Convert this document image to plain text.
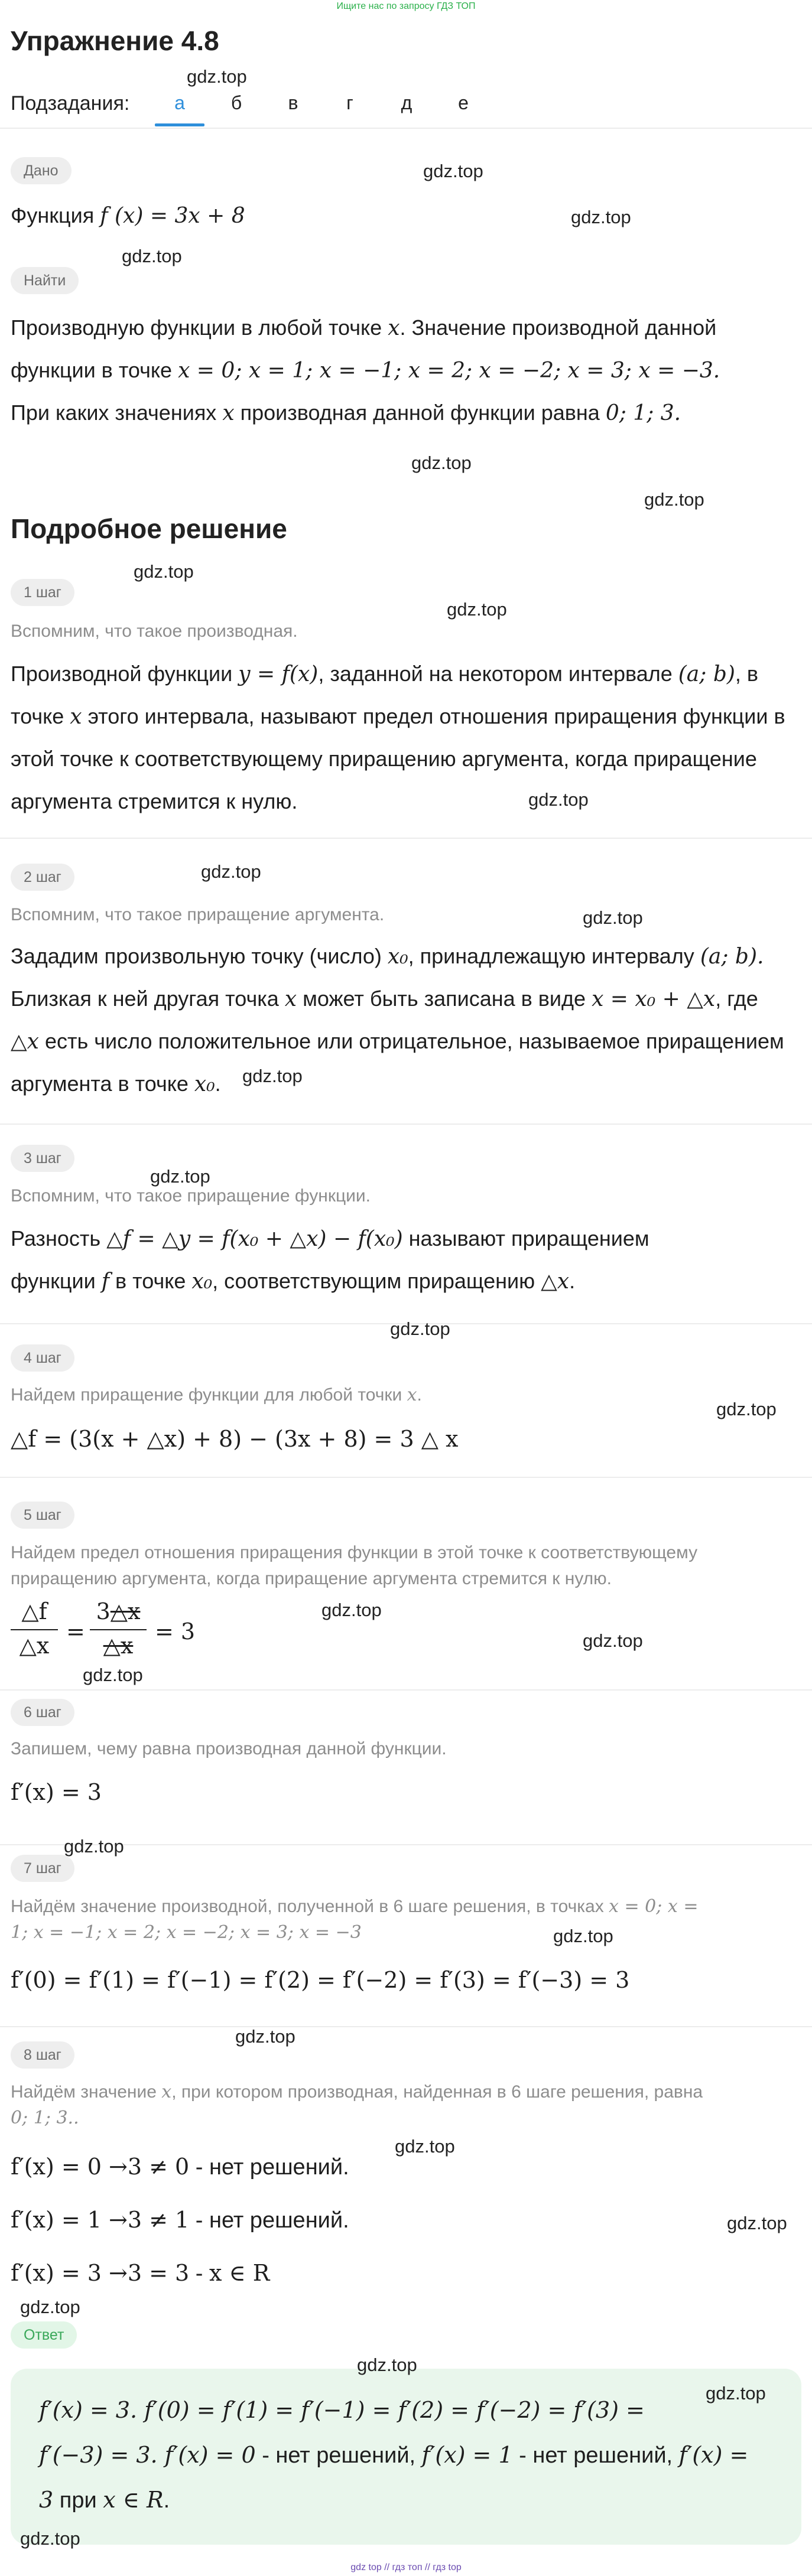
Ищите нас по запросу ГДЗ ТОП
Упражнение 4.8
Подзадания:	а	б	в	г	д	е
Дано
Функция f (x) = 3x + 8
Найти
Производную функции в любой точке x. Значение производной данной
функции в точке x = 0; x = 1; x = −1; x = 2; x = −2; x = 3; x = −3.
При каких значениях x производная данной функции равна 0; 1; 3.
Подробное решение
1 шаг
Вспомним, что такое производная.
Производной функции y = f(x), заданной на некотором интервале (a; b), в
точке x этого интервала, называют предел отношения приращения функции в
этой точке к соответствующему приращению аргумента, когда приращение
аргумента стремится к нулю.
2 шаг
Вспомним, что такое приращение аргумента.
Зададим произвольную точку (число) x₀, принадлежащую интервалу (a; b).
Близкая к ней другая точка x может быть записана в виде x = x₀ + △x, где
△x есть число положительное или отрицательное, называемое приращением
аргумента в точке x₀.
3 шаг
Вспомним, что такое приращение функции.
Разность △f = △y = f(x₀ + △x) − f(x₀) называют приращением
функции f в точке x₀, соответствующим приращению △x.
4 шаг
Найдем приращение функции для любой точки x.
△f = (3(x + △x) + 8) − (3x + 8) = 3 △ x
5 шаг
Найдем предел отношения приращения функции в этой точке к соответствующему
приращению аргумента, когда приращение аргумента стремится к нулю.
△f
△x
=
3△x
△x
= 3
6 шаг
Запишем, чему равна производная данной функции.
f′(x) = 3
7 шаг
Найдём значение производной, полученной в 6 шаге решения, в точках x = 0; x =
1; x = −1; x = 2; x = −2; x = 3; x = −3
f′(0) = f′(1) = f′(−1) = f′(2) = f′(−2) = f′(3) = f′(−3) = 3
8 шаг
Найдём значение x, при котором производная, найденная в 6 шаге решения, равна
0; 1; 3..
f′(x) = 0 →3 ≠ 0 - нет решений.
f′(x) = 1 →3 ≠ 1 - нет решений.
f′(x) = 3 →3 = 3 - x ∈ R
Ответ
f′(x) = 3. f′(0) = f′(1) = f′(−1) = f′(2) = f′(−2) = f′(3) =
f′(−3) = 3. f′(x) = 0 - нет решений, f′(x) = 1 - нет решений, f′(x) =
3 при x ∈ R.
gdz.top
gdz.top
gdz.top
gdz.top
gdz.top
gdz.top
gdz.top
gdz.top
gdz.top
gdz.top
gdz.top
gdz.top
gdz.top
gdz.top
gdz.top
gdz.top
gdz.top
gdz.top
gdz.top
gdz.top
gdz.top
gdz.top
gdz.top
gdz.top
gdz.top
gdz.top
gdz.top
gdz top // гдз топ // гдз top
